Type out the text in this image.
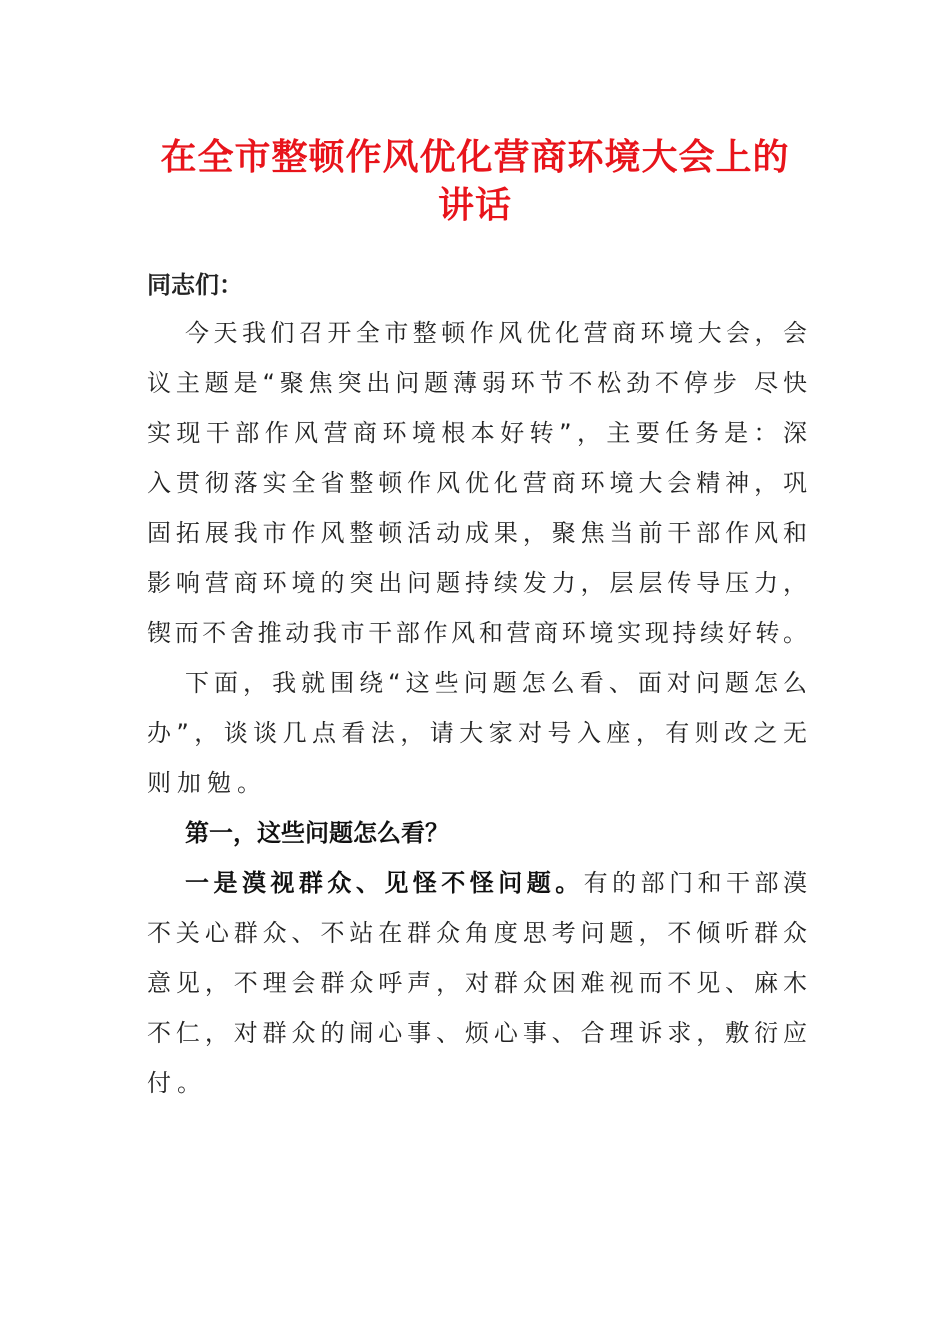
在全市整顿作风优化营商环境大会上的
讲话

同志们：

今天我们召开全市整顿作风优化营商环境大会，会

议主题是“聚焦突出问题薄弱环节不松劲不停步 尽快

实现干部作风营商环境根本好转”，主要任务是：深

入贯彻落实全省整顿作风优化营商环境大会精神，巩

固拓展我市作风整顿活动成果，聚焦当前干部作风和

影响营商环境的突出问题持续发力，层层传导压力，

锲而不舍推动我市干部作风和营商环境实现持续好转。

下面，我就围绕“这些问题怎么看、面对问题怎么

办”，谈谈几点看法，请大家对号入座，有则改之无

则加勉。

第一，这些问题怎么看？

一是漠视群众、见怪不怪问题。有的部门和干部漠

不关心群众、不站在群众角度思考问题，不倾听群众

意见，不理会群众呼声，对群众困难视而不见、麻木

不仁，对群众的闹心事、烦心事、合理诉求，敷衍应

付。
